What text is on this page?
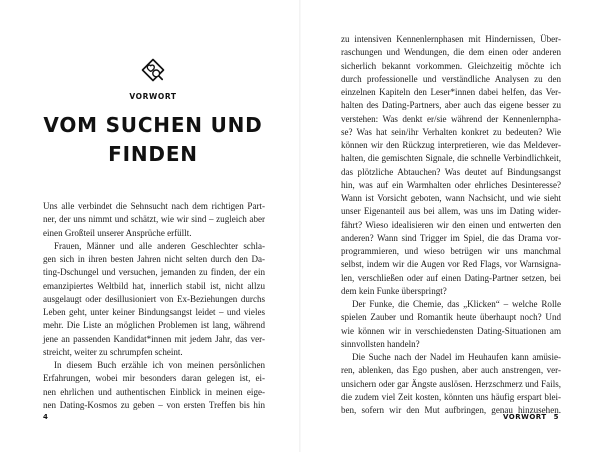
VORWORT
VOM SUCHEN UND
FINDEN
Uns alle verbindet die Sehnsucht nach dem richtigen Part-
ner, der uns nimmt und schätzt, wie wir sind – zugleich aber
einen Großteil unserer Ansprüche erfüllt.
Frauen, Männer und alle anderen Geschlechter schla-
gen sich in ihren besten Jahren nicht selten durch den Da-
ting-Dschungel und versuchen, jemanden zu finden, der ein
emanzipiertes Weltbild hat, innerlich stabil ist, nicht allzu
ausgelaugt oder desillusioniert von Ex-Beziehungen durchs
Leben geht, unter keiner Bindungsangst leidet – und vieles
mehr. Die Liste an möglichen Problemen ist lang, während
jene an passenden Kandidat*innen mit jedem Jahr, das ver-
streicht, weiter zu schrumpfen scheint.
In diesem Buch erzähle ich von meinen persönlichen
Erfahrungen, wobei mir besonders daran gelegen ist, ei-
nen ehrlichen und authentischen Einblick in meinen eige-
nen Dating-Kosmos zu geben – von ersten Treffen bis hin
4
zu intensiven Kennenlernphasen mit Hindernissen, Über-
raschungen und Wendungen, die dem einen oder anderen
sicherlich bekannt vorkommen. Gleichzeitig möchte ich
durch professionelle und verständliche Analysen zu den
einzelnen Kapiteln den Leser*innen dabei helfen, das Ver-
halten des Dating-Partners, aber auch das eigene besser zu
verstehen: Was denkt er/sie während der Kennenlernpha-
se? Was hat sein/ihr Verhalten konkret zu bedeuten? Wie
können wir den Rückzug interpretieren, wie das Meldever-
halten, die gemischten Signale, die schnelle Verbindlichkeit,
das plötzliche Abtauchen? Was deutet auf Bindungsangst
hin, was auf ein Warmhalten oder ehrliches Desinteresse?
Wann ist Vorsicht geboten, wann Nachsicht, und wie sieht
unser Eigenanteil aus bei allem, was uns im Dating wider-
fährt? Wieso idealisieren wir den einen und entwerten den
anderen? Wann sind Trigger im Spiel, die das Drama vor-
programmieren, und wieso betrügen wir uns manchmal
selbst, indem wir die Augen vor Red Flags, vor Warnsigna-
len, verschließen oder auf einen Dating-Partner setzen, bei
dem kein Funke überspringt?
Der Funke, die Chemie, das „Klicken“ – welche Rolle
spielen Zauber und Romantik heute überhaupt noch? Und
wie können wir in verschiedensten Dating-Situationen am
sinnvollsten handeln?
Die Suche nach der Nadel im Heuhaufen kann amüsie-
ren, ablenken, das Ego pushen, aber auch anstrengen, ver-
unsichern oder gar Ängste auslösen. Herzschmerz und Fails,
die zudem viel Zeit kosten, könnten uns häufig erspart blei-
ben, sofern wir den Mut aufbringen, genau hinzusehen.
VORWORT 5
